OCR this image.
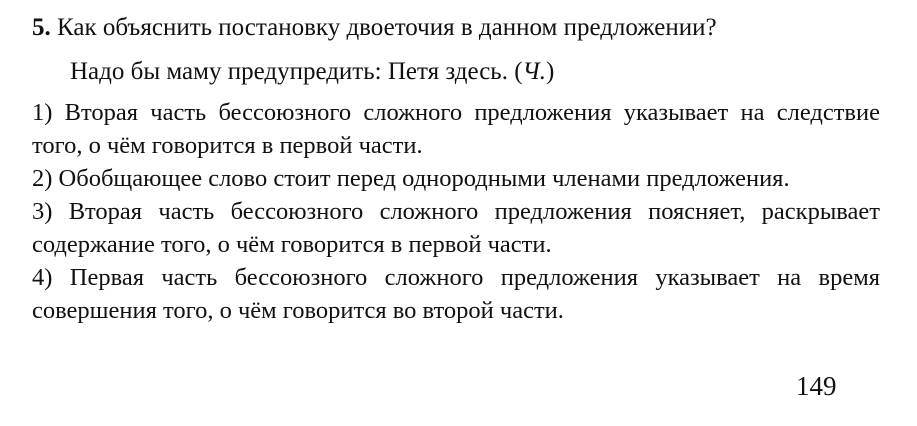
5. Как объяснить постановку двоеточия в данном предложении?
Надо бы маму предупредить: Петя здесь. (Ч.)

1) Вторая часть бессоюзного сложного предложения указывает на следствие того, о чём говорится в первой части.

2) Обобщающее слово стоит перед однородными членами предложения.

3) Вторая часть бессоюзного сложного предложения поясняет, раскрывает содержание того, о чём говорится в первой части.

4) Первая часть бессоюзного сложного предложения указывает на время совершения того, о чём говорится во второй части.

149
